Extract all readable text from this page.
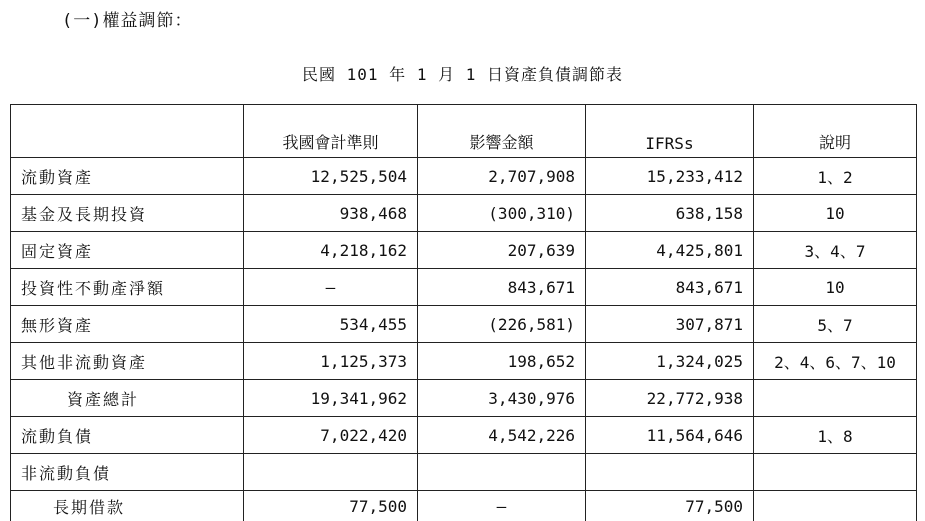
(一)權益調節：
民國 101 年 1 月 1 日資產負債調節表
	我國會計準則	影響金額	IFRSs	說明
流動資產	12,525,504	2,707,908	15,233,412	1、2
基金及長期投資	938,468	(300,310)	638,158	10
固定資產	4,218,162	207,639	4,425,801	3、4、7
投資性不動產淨額	—	843,671	843,671	10
無形資產	534,455	(226,581)	307,871	5、7
其他非流動資產	1,125,373	198,652	1,324,025	2、4、6、7、10
資產總計	19,341,962	3,430,976	22,772,938	
流動負債	7,022,420	4,542,226	11,564,646	1、8
非流動負債				
長期借款	77,500	—	77,500	
